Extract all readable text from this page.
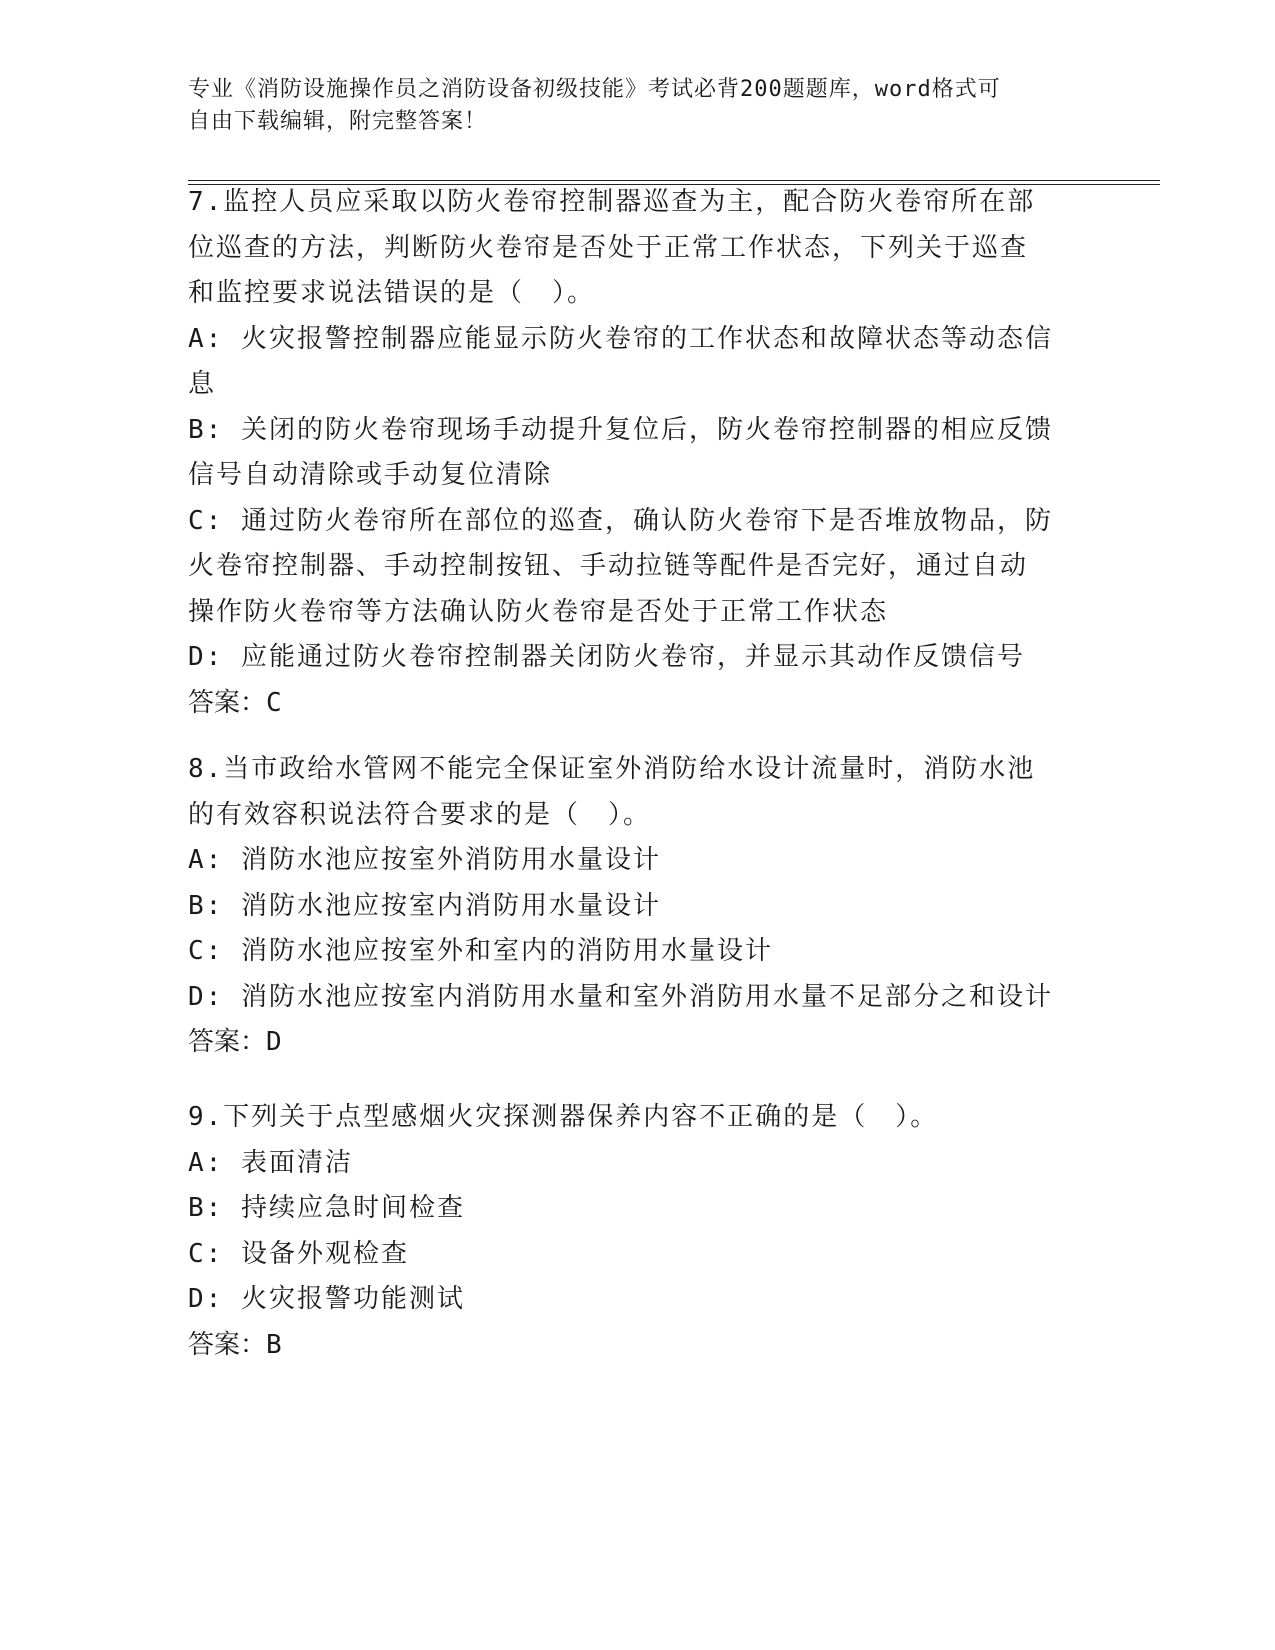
专业《消防设施操作员之消防设备初级技能》考试必背200题题库，word格式可
自由下载编辑，附完整答案！
7.监控人员应采取以防火卷帘控制器巡查为主，配合防火卷帘所在部
位巡查的方法，判断防火卷帘是否处于正常工作状态，下列关于巡查
和监控要求说法错误的是（　）。
A: 火灾报警控制器应能显示防火卷帘的工作状态和故障状态等动态信
息
B: 关闭的防火卷帘现场手动提升复位后，防火卷帘控制器的相应反馈
信号自动清除或手动复位清除
C: 通过防火卷帘所在部位的巡查，确认防火卷帘下是否堆放物品，防
火卷帘控制器、手动控制按钮、手动拉链等配件是否完好，通过自动
操作防火卷帘等方法确认防火卷帘是否处于正常工作状态
D: 应能通过防火卷帘控制器关闭防火卷帘，并显示其动作反馈信号
答案：C
8.当市政给水管网不能完全保证室外消防给水设计流量时，消防水池
的有效容积说法符合要求的是（　）。
A: 消防水池应按室外消防用水量设计
B: 消防水池应按室内消防用水量设计
C: 消防水池应按室外和室内的消防用水量设计
D: 消防水池应按室内消防用水量和室外消防用水量不足部分之和设计
答案：D
9.下列关于点型感烟火灾探测器保养内容不正确的是（　）。
A: 表面清洁
B: 持续应急时间检查
C: 设备外观检查
D: 火灾报警功能测试
答案：B
